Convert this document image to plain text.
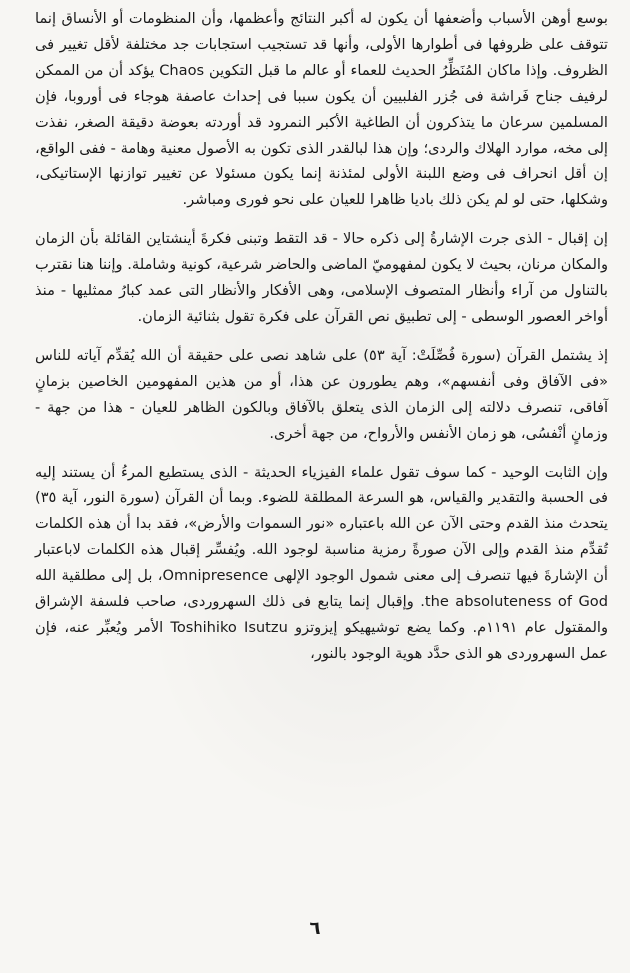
بوسع أوهن الأسباب وأضعفها أن يكون له أكبر النتائج وأعظمها، وأن المنظومات أو الأنساق إنما تتوقف على ظروفها فى أطوارها الأولى، وأنها قد تستجيب استجابات جد مختلفة لأقل تغيير فى الظروف. وإذا ماكان المُنَظِّرُ الحديث للعماء أو عالم ما قبل التكوين Chaos يؤكد أن من الممكن لرفيف جناح فَراشة فى جُزر الفلبيين أن يكون سببا فى إحداث عاصفة هوجاء فى أوروبا، فإن المسلمين سرعان ما يتذكرون أن الطاغية الأكبر النمرود قد أوردته بعوضة دقيقة الصغر، نفذت إلى مخه، موارد الهلاك والردى؛ وإن هذا لبالقدر الذى تكون به الأصول معنية وهامة - ففى الواقع، إن أقل انحراف فى وضع اللبنة الأولى لمئذنة إنما يكون مسئولا عن تغيير توازنها الإستاتيكى، وشكلها، حتى لو لم يكن ذلك باديا ظاهرا للعيان على نحو فورى ومباشر.

إن إقبال - الذى جرت الإشارةُ إلى ذكره حالا - قد التقط وتبنى فكرةَ أينشتاين القائلة بأن الزمان والمكان مرنان، بحيث لا يكون لمفهوميّ الماضى والحاضر شرعية، كونية وشاملة. وإننا هنا نقترب بالتناول من آراء وأنظار المتصوف الإسلامى، وهى الأفكار والأنظار التى عمد كبارُ ممثليها - منذ أواخر العصور الوسطى - إلى تطبيق نص القرآن على فكرة تقول بثنائية الزمان.

إذ يشتمل القرآن (سورة فُصِّلَتْ: آية ٥٣) على شاهد نصى على حقيقة أن الله يُقدِّم آياته للناس «فى الآفاق وفى أنفسهم»، وهم يطورون عن هذا، أو من هذين المفهومين الخاصين بزمانٍ آفاقى، تنصرف دلالته إلى الزمان الذى يتعلق بالآفاق وبالكون الظاهر للعيان - هذا من جهة - وزمانٍ أنْفسُى، هو زمان الأنفس والأرواح، من جهة أخرى.

وإن الثابت الوحيد - كما سوف تقول علماء الفيزياء الحديثة - الذى يستطيع المرءُ أن يستند إليه فى الحسبة والتقدير والقياس، هو السرعة المطلقة للضوء. وبما أن القرآن (سورة النور، آية ٣٥) يتحدث منذ القدم وحتى الآن عن الله باعتباره «نور السموات والأرض»، فقد بدا أن هذه الكلمات تُقدِّم منذ القدم وإلى الآن صورةً رمزية مناسبة لوجود الله. ويُفسِّر إقبال هذه الكلمات لاباعتبار أن الإشارةَ فيها تنصرف إلى معنى شمول الوجود الإلهى Omnipresence، بل إلى مطلقية الله the absoluteness of God. وإقبال إنما يتابع فى ذلك السهروردى، صاحب فلسفة الإشراق والمقتول عام ١١٩١م. وكما يضع توشيهيكو إيزوتزو Toshihiko Isutzu الأمر ويُعبِّر عنه، فإن عمل السهروردى هو الذى حدَّد هوية الوجود بالنور،

٦
